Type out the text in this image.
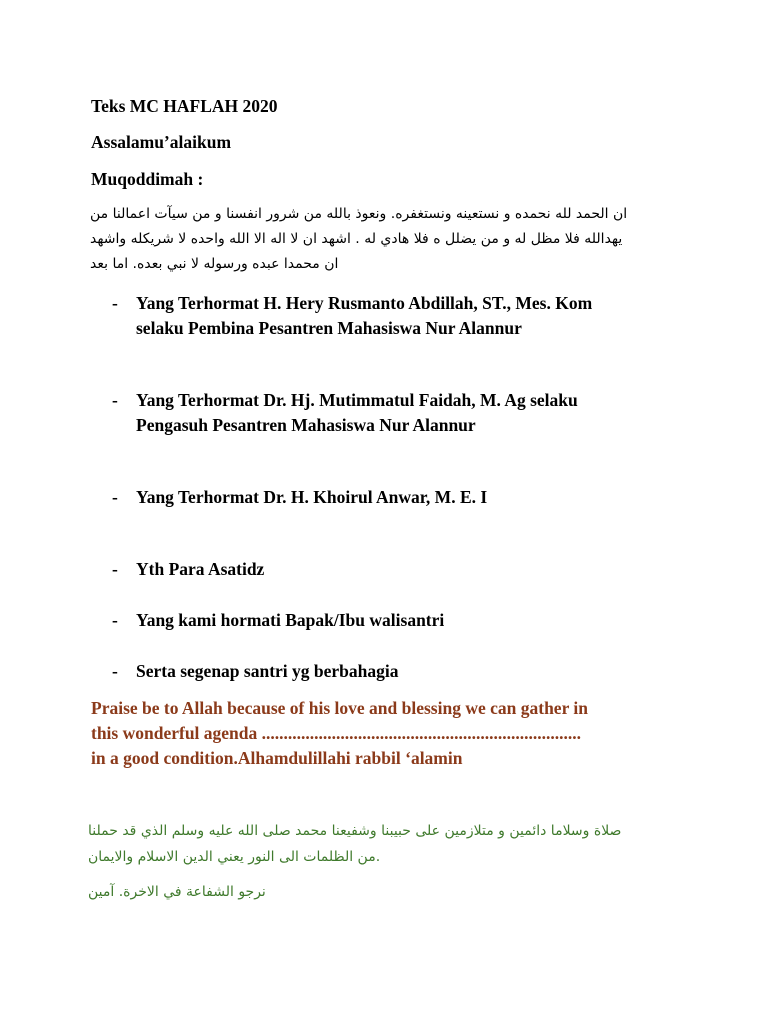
Teks MC HAFLAH 2020
Assalamu’alaikum
Muqoddimah :
ان الحمد لله نحمده و نستعينه ونستغفره. ونعوذ بالله من شرور انفسنا و من سيآت اعمالنا من
يهدالله فلا مظل له و من يضلل ه فلا هادي له . اشهد ان لا اله الا الله واحده لا شريكله واشهد
ان محمدا عبده ورسوله لا نبي بعده. اما بعد
- Yang Terhormat H. Hery Rusmanto Abdillah, ST., Mes. Kom
selaku Pembina Pesantren Mahasiswa Nur Alannur
- Yang Terhormat Dr. Hj. Mutimmatul Faidah, M. Ag selaku
Pengasuh Pesantren Mahasiswa Nur Alannur
- Yang Terhormat Dr. H. Khoirul Anwar, M. E. I
- Yth Para Asatidz
- Yang kami hormati Bapak/Ibu walisantri
- Serta segenap santri yg berbahagia
Praise be to Allah because of his love and blessing we can gather in
this wonderful agenda .........................................................................
in a good condition.Alhamdulillahi rabbil ‘alamin
صلاة وسلاما دائمين و متلازمين على حبيبنا وشفيعنا محمد صلى الله عليه وسلم الذي قد حملنا
.من الظلمات الى النور يعني الدين الاسلام والايمان
نرجو الشفاعة في الاخرة. آمين
